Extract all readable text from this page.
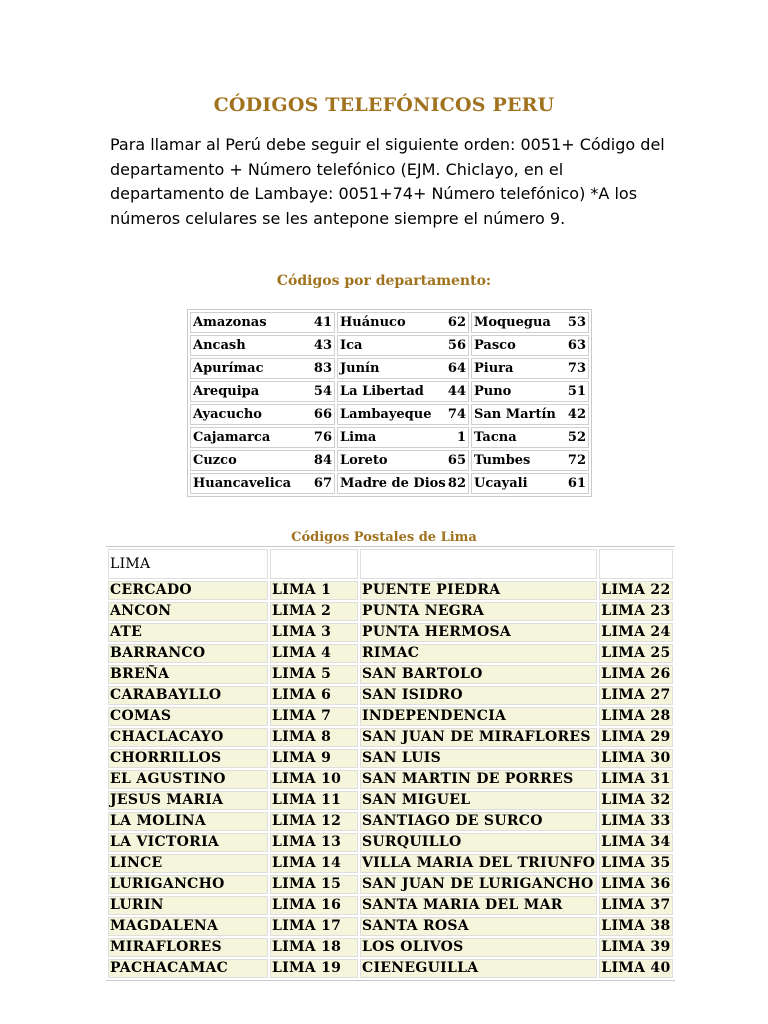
CÓDIGOS TELEFÓNICOS PERU
Para llamar al Perú debe seguir el siguiente orden: 0051+ Código del departamento + Número telefónico (EJM. Chiclayo, en el departamento de Lambaye: 0051+74+ Número telefónico) *A los números celulares se les antepone siempre el número 9.
Códigos por departamento:
Amazonas 41	Huánuco 62	Moquegua 53

Ancash 43	Ica 56	Pasco 63

Apurímac 83	Junín 64	Piura 73

Arequipa 54	La Libertad 44	Puno 51

Ayacucho 66	Lambayeque 74	San Martín 42

Cajamarca 76	Lima 1	Tacna 52

Cuzco 84	Loreto 65	Tumbes 72

Huancavelica 67	Madre de Dios 82	Ucayali 61
Códigos Postales de Lima
LIMA			
CERCADO	LIMA 1	PUENTE PIEDRA	LIMA 22
ANCON	LIMA 2	PUNTA NEGRA	LIMA 23
ATE	LIMA 3	PUNTA HERMOSA	LIMA 24
BARRANCO	LIMA 4	RIMAC	LIMA 25
BREÑA	LIMA 5	SAN BARTOLO	LIMA 26
CARABAYLLO	LIMA 6	SAN ISIDRO	LIMA 27
COMAS	LIMA 7	INDEPENDENCIA	LIMA 28
CHACLACAYO	LIMA 8	SAN JUAN DE MIRAFLORES	LIMA 29
CHORRILLOS	LIMA 9	SAN LUIS	LIMA 30
EL AGUSTINO	LIMA 10	SAN MARTIN DE PORRES	LIMA 31
JESUS MARIA	LIMA 11	SAN MIGUEL	LIMA 32
LA MOLINA	LIMA 12	SANTIAGO DE SURCO	LIMA 33
LA VICTORIA	LIMA 13	SURQUILLO	LIMA 34
LINCE	LIMA 14	VILLA MARIA DEL TRIUNFO	LIMA 35
LURIGANCHO	LIMA 15	SAN JUAN DE LURIGANCHO	LIMA 36
LURIN	LIMA 16	SANTA MARIA DEL MAR	LIMA 37
MAGDALENA	LIMA 17	SANTA ROSA	LIMA 38
MIRAFLORES	LIMA 18	LOS OLIVOS	LIMA 39
PACHACAMAC	LIMA 19	CIENEGUILLA	LIMA 40
